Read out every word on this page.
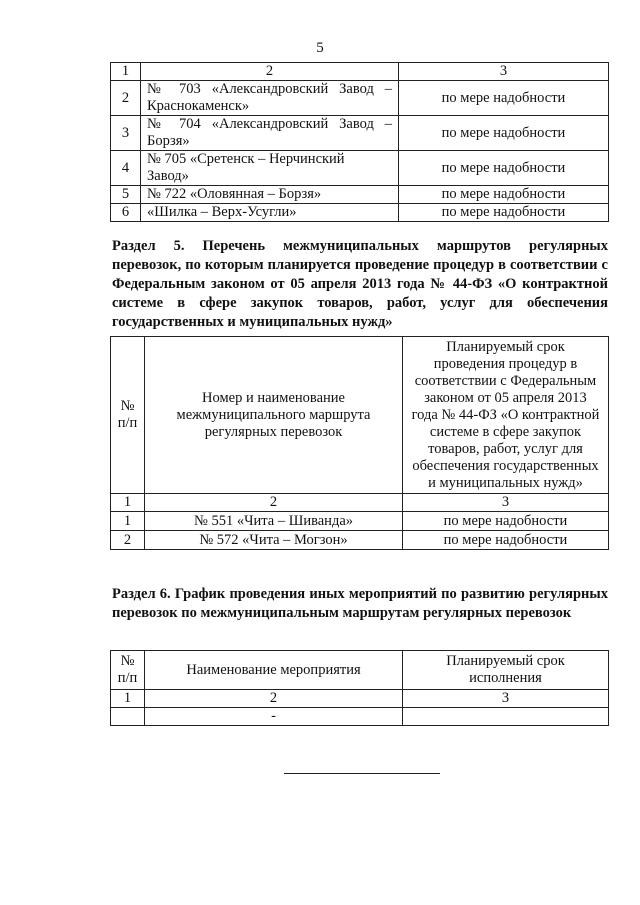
5
1	2	3
2	№ 703 «Александровский Завод –
Краснокаменск»	по мере надобности
3	№ 704 «Александровский Завод –
Борзя»	по мере надобности
4	№ 705 «Сретенск – Нерчинский
Завод»	по мере надобности
5	№ 722 «Оловянная – Борзя»	по мере надобности
6	«Шилка – Верх-Усугли»	по мере надобности
Раздел 5. Перечень межмуниципальных маршрутов регулярных перевозок, по которым планируется проведение процедур в соответствии с Федеральным законом от 05 апреля 2013 года № 44-ФЗ «О контрактной системе в сфере закупок товаров, работ, услуг для обеспечения государственных и муниципальных нужд»
№ п/п	Номер и наименование межмуниципального маршрута регулярных перевозок	Планируемый срок проведения процедур в соответствии с Федеральным законом от 05 апреля 2013 года № 44-ФЗ «О контрактной системе в сфере закупок товаров, работ, услуг для обеспечения государственных и муниципальных нужд»
1	2	3
1	№ 551 «Чита – Шиванда»	по мере надобности
2	№ 572 «Чита – Могзон»	по мере надобности
Раздел 6. График проведения иных мероприятий по развитию регулярных перевозок по межмуниципальным маршрутам регулярных перевозок
№ п/п	Наименование мероприятия	Планируемый срок исполнения
1	2	3
	-	
